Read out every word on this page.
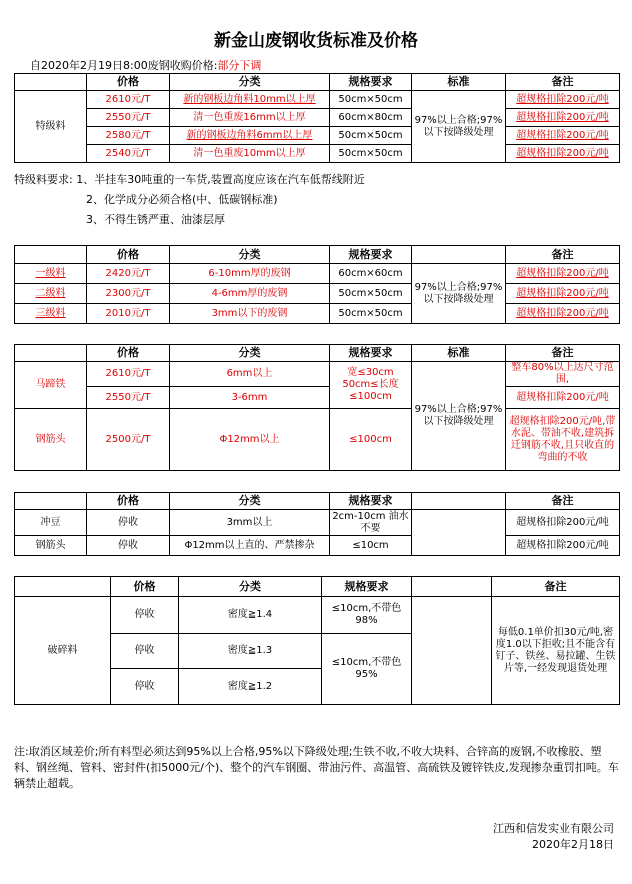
新金山废钢收货标准及价格
自2020年2月19日8:00废钢收购价格:部分下调
	价格	分类	规格要求	标准	备注
特级料	2610元/T	新的钢板边角料10mm以上厚	50cm×50cm	97%以上合格;97%以下按降级处理	超规格扣除200元/吨
	2550元/T	清一色重废16mm以上厚	60cm×80cm		超规格扣除200元/吨
	2580元/T	新的钢板边角料6mm以上厚	50cm×50cm		超规格扣除200元/吨
	2540元/T	清一色重废10mm以上厚	50cm×50cm		超规格扣除200元/吨
特级料要求: 1、半挂车30吨重的一车货,装置高度应该在汽车低帮线附近
2、化学成分必须合格(中、低碳钢标准)
3、不得生锈严重、油漆层厚
	价格	分类	规格要求		备注
一级料	2420元/T	6-10mm厚的废钢	60cm×60cm	97%以上合格;97%以下按降级处理	超规格扣除200元/吨
二级料	2300元/T	4-6mm厚的废钢	50cm×50cm		超规格扣除200元/吨
三级料	2010元/T	3mm以下的废钢	50cm×50cm		超规格扣除200元/吨
	价格	分类	规格要求	标准	备注
马蹄铁	2610元/T	6mm以上	宽≤30cm 50cm≤长度≤100cm	97%以上合格;97%以下按降级处理	整车80%以上达尺寸范围,
	2550元/T	3-6mm			超规格扣除200元/吨
钢筋头	2500元/T	Φ12mm以上	≤100cm		超规格扣除200元/吨,带水泥、带油不收,建筑拆迁钢筋不收,且只收直的弯曲的不收
	价格	分类	规格要求		备注
冲豆	停收	3mm以上	2cm-10cm 油水不要		超规格扣除200元/吨
钢筋头	停收	Φ12mm以上直的、严禁掺杂	≤10cm		超规格扣除200元/吨
	价格	分类	规格要求		备注
破碎料	停收	密度≧1.4	≤10cm,不带色98%		每低0.1单价扣30元/吨,密度1.0以下拒收;且不能含有钉子、铁丝、易拉罐、生铁片等,一经发现退货处理
	停收	密度≧1.3	≤10cm,不带色95%		
	停收	密度≧1.2			
注:取消区域差价;所有料型必须达到95%以上合格,95%以下降级处理;生铁不收,不收大块料、合锌高的废钢,不收橡胶、塑料、钢丝绳、管料、密封件(扣5000元/个)、整个的汽车钢圈、带油污件、高温管、高硫铁及镀锌铁皮,发现掺杂重罚扣吨。车辆禁止超载。
江西和信发实业有限公司
2020年2月18日
